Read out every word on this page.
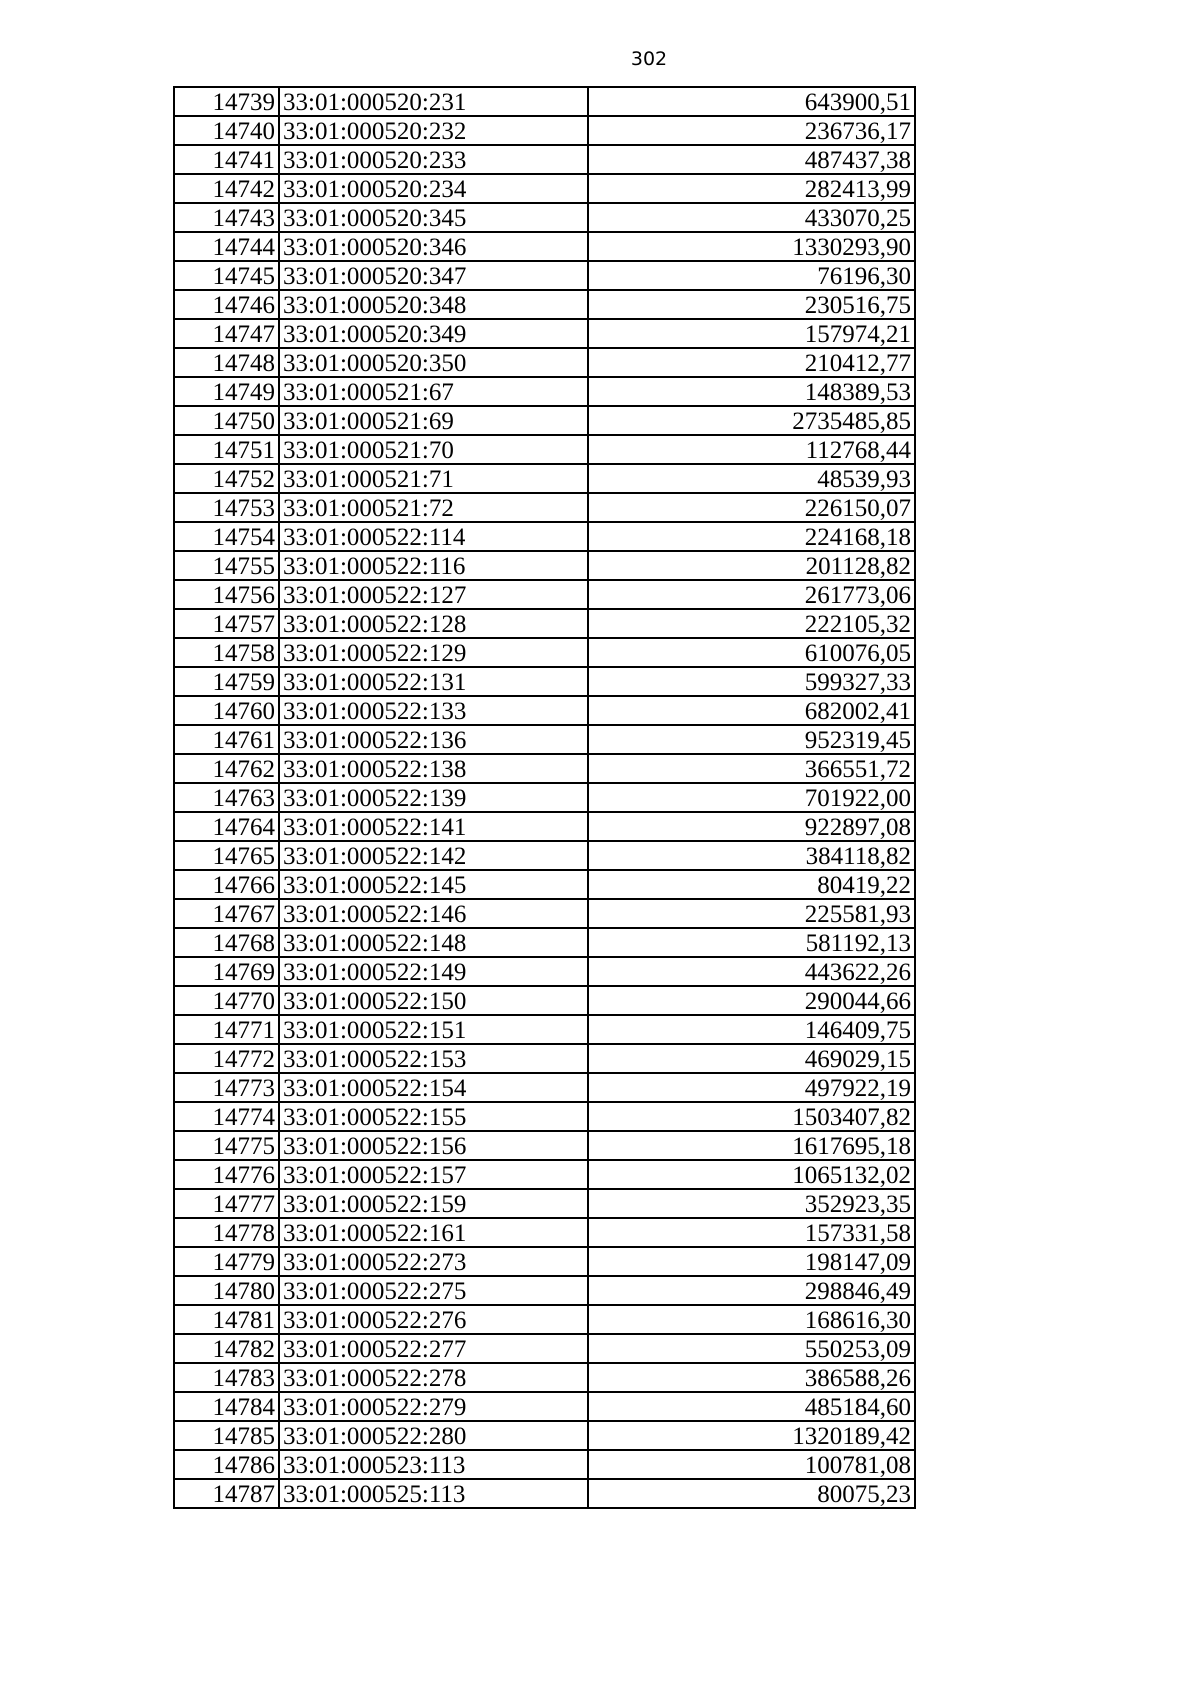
302
14739	33:01:000520:231	643900,51
14740	33:01:000520:232	236736,17
14741	33:01:000520:233	487437,38
14742	33:01:000520:234	282413,99
14743	33:01:000520:345	433070,25
14744	33:01:000520:346	1330293,90
14745	33:01:000520:347	76196,30
14746	33:01:000520:348	230516,75
14747	33:01:000520:349	157974,21
14748	33:01:000520:350	210412,77
14749	33:01:000521:67	148389,53
14750	33:01:000521:69	2735485,85
14751	33:01:000521:70	112768,44
14752	33:01:000521:71	48539,93
14753	33:01:000521:72	226150,07
14754	33:01:000522:114	224168,18
14755	33:01:000522:116	201128,82
14756	33:01:000522:127	261773,06
14757	33:01:000522:128	222105,32
14758	33:01:000522:129	610076,05
14759	33:01:000522:131	599327,33
14760	33:01:000522:133	682002,41
14761	33:01:000522:136	952319,45
14762	33:01:000522:138	366551,72
14763	33:01:000522:139	701922,00
14764	33:01:000522:141	922897,08
14765	33:01:000522:142	384118,82
14766	33:01:000522:145	80419,22
14767	33:01:000522:146	225581,93
14768	33:01:000522:148	581192,13
14769	33:01:000522:149	443622,26
14770	33:01:000522:150	290044,66
14771	33:01:000522:151	146409,75
14772	33:01:000522:153	469029,15
14773	33:01:000522:154	497922,19
14774	33:01:000522:155	1503407,82
14775	33:01:000522:156	1617695,18
14776	33:01:000522:157	1065132,02
14777	33:01:000522:159	352923,35
14778	33:01:000522:161	157331,58
14779	33:01:000522:273	198147,09
14780	33:01:000522:275	298846,49
14781	33:01:000522:276	168616,30
14782	33:01:000522:277	550253,09
14783	33:01:000522:278	386588,26
14784	33:01:000522:279	485184,60
14785	33:01:000522:280	1320189,42
14786	33:01:000523:113	100781,08
14787	33:01:000525:113	80075,23
